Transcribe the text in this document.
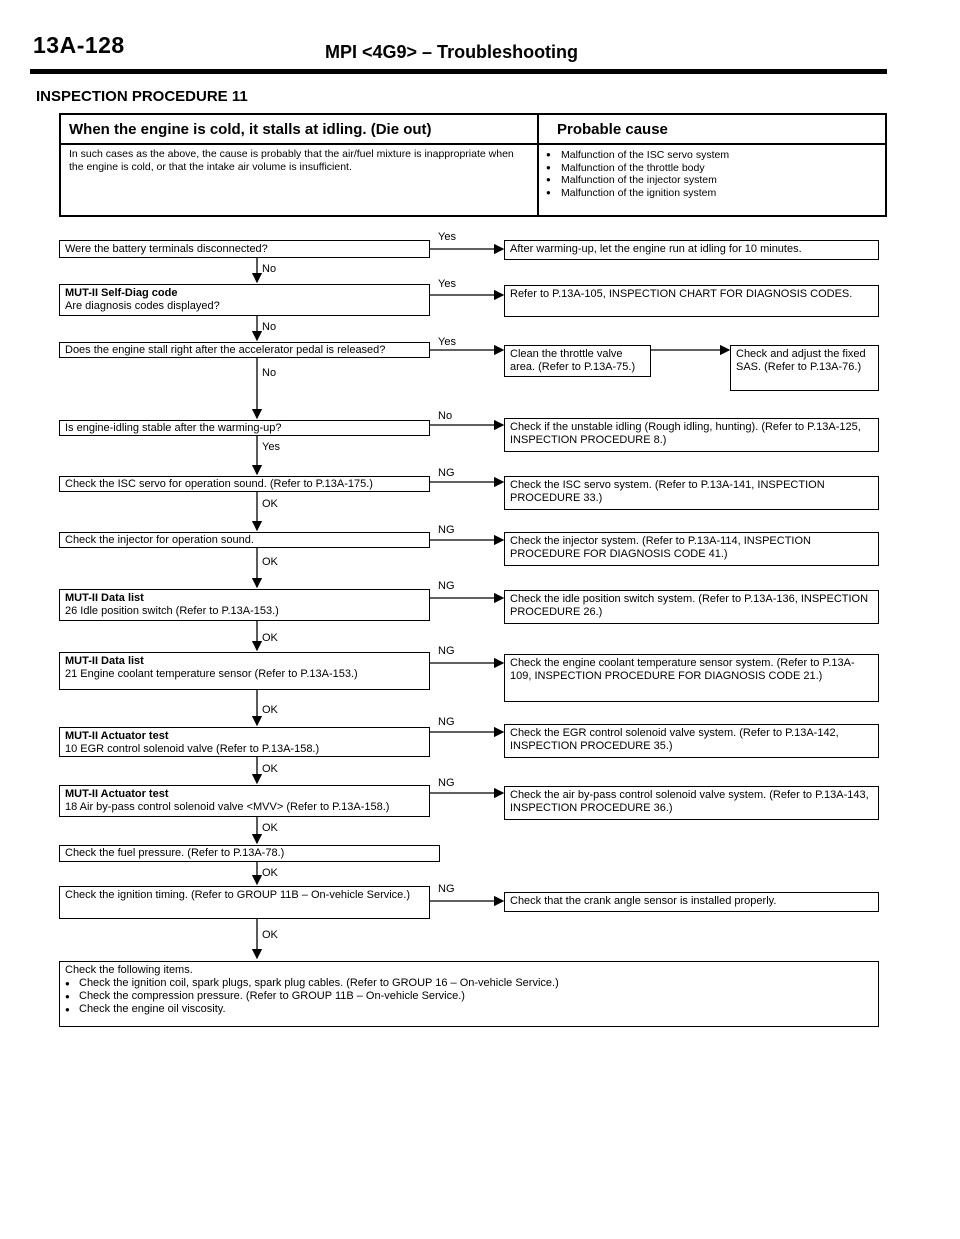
13A-128	MPI <4G9> – Troubleshooting
INSPECTION PROCEDURE 11
When the engine is cold, it stalls at idling. (Die out)
In such cases as the above, the cause is probably that the air/fuel mixture is inappropriate when the engine is cold, or that the intake air volume is insufficient.
Probable cause
● Malfunction of the ISC servo system
● Malfunction of the throttle body
● Malfunction of the injector system
● Malfunction of the ignition system
Were the battery terminals disconnected?
Yes
No
After warming-up, let the engine run at idling for 10 minutes.
MUT-II Self-Diag code
Are diagnosis codes displayed?
Yes
No
Refer to P.13A-105, INSPECTION CHART FOR DIAGNOSIS CODES.
Does the engine stall right after the accelerator pedal is released?
Yes
No
Clean the throttle valve area. (Refer to P.13A-75.)
Check and adjust the fixed SAS. (Refer to P.13A-76.)
Is engine-idling stable after the warming-up?
No
Yes
Check if the unstable idling (Rough idling, hunting). (Refer to P.13A-125, INSPECTION PROCEDURE 8.)
Check the ISC servo for operation sound. (Refer to P.13A-175.)
NG
OK
Check the ISC servo system. (Refer to P.13A-141, INSPECTION PROCEDURE 33.)
Check the injector for operation sound.
NG
OK
Check the injector system. (Refer to P.13A-114, INSPECTION PROCEDURE FOR DIAGNOSIS CODE 41.)
MUT-II Data list
26 Idle position switch (Refer to P.13A-153.)
NG
OK
Check the idle position switch system. (Refer to P.13A-136, INSPECTION PROCEDURE 26.)
MUT-II Data list
21 Engine coolant temperature sensor (Refer to P.13A-153.)
NG
OK
Check the engine coolant temperature sensor system. (Refer to P.13A-109, INSPECTION PROCEDURE FOR DIAGNOSIS CODE 21.)
MUT-II Actuator test
10 EGR control solenoid valve (Refer to P.13A-158.)
NG
OK
Check the EGR control solenoid valve system. (Refer to P.13A-142, INSPECTION PROCEDURE 35.)
MUT-II Actuator test
18 Air by-pass control solenoid valve <MVV> (Refer to P.13A-158.)
NG
OK
Check the air by-pass control solenoid valve system. (Refer to P.13A-143, INSPECTION PROCEDURE 36.)
Check the fuel pressure. (Refer to P.13A-78.)
OK
Check the ignition timing. (Refer to GROUP 11B – On-vehicle Service.)	NG
OK
Check that the crank angle sensor is installed properly.
Check the following items.
● Check the ignition coil, spark plugs, spark plug cables. (Refer to GROUP 16 – On-vehicle Service.)
● Check the compression pressure. (Refer to GROUP 11B – On-vehicle Service.)
● Check the engine oil viscosity.
